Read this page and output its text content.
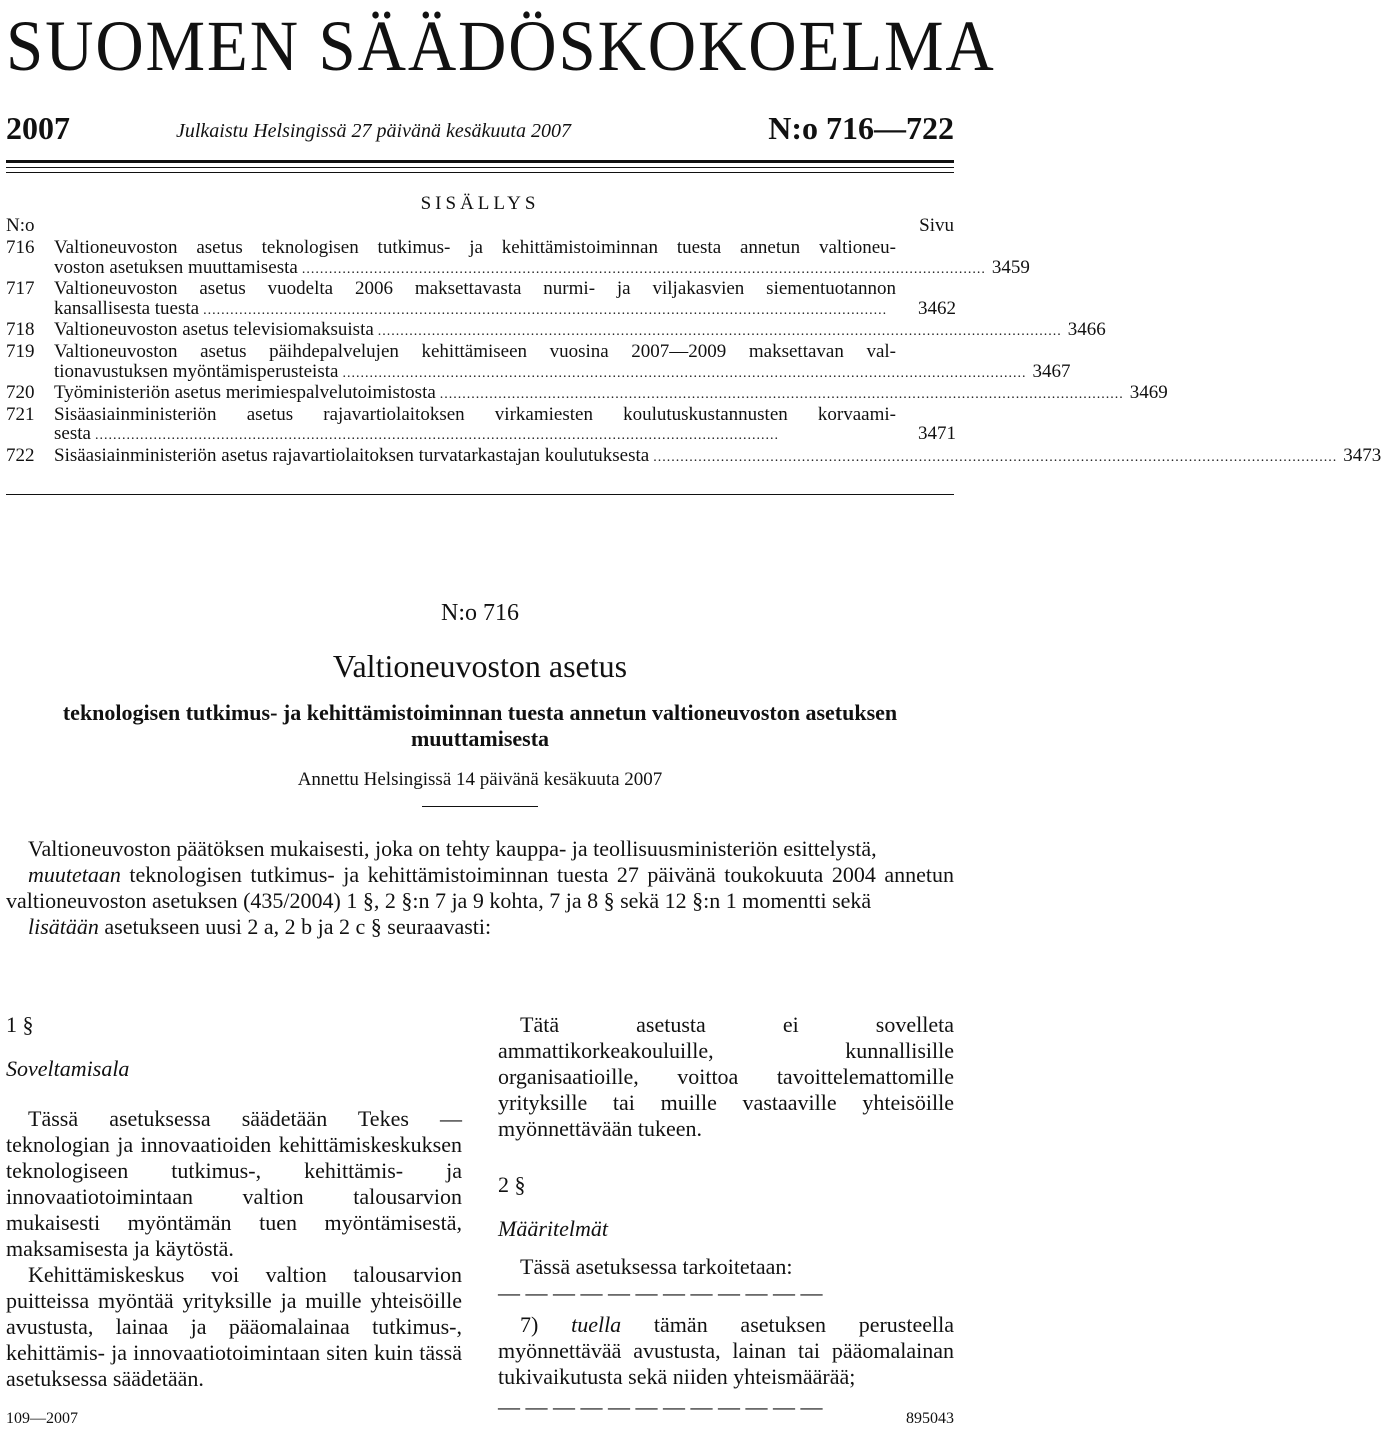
SUOMEN SÄÄDÖSKOKOELMA
2007	Julkaistu Helsingissä 27 päivänä kesäkuuta 2007	N:o 716—722
SISÄLLYS
N:o	Sivu
716 Valtioneuvoston asetus teknologisen tutkimus- ja kehittämistoiminnan tuesta annetun valtioneu-
voston asetuksen muuttamisesta ........................................................................................................................................................ 3459
717 Valtioneuvoston asetus vuodelta 2006 maksettavasta nurmi- ja viljakasvien siementuotannon
kansallisesta tuesta ........................................................................................................................................................	3462
718 Valtioneuvoston asetus televisiomaksuista ........................................................................................................................................................ 3466
719 Valtioneuvoston asetus päihdepalvelujen kehittämiseen vuosina 2007—2009 maksettavan val-
tionavustuksen myöntämisperusteista ........................................................................................................................................................ 3467
720 Työministeriön asetus merimiespalvelutoimistosta ........................................................................................................................................................ 3469
721 Sisäasiainministeriön asetus rajavartiolaitoksen virkamiesten koulutuskustannusten korvaami-
sesta ........................................................................................................................................................	3471
722 Sisäasiainministeriön asetus rajavartiolaitoksen turvatarkastajan koulutuksesta ........................................................................................................................................................ 3473
N:o 716
Valtioneuvoston asetus
teknologisen tutkimus- ja kehittämistoiminnan tuesta annetun valtioneuvoston asetuksen muuttamisesta
Annettu Helsingissä 14 päivänä kesäkuuta 2007

Valtioneuvoston päätöksen mukaisesti, joka on tehty kauppa- ja teollisuusministeriön esittelystä,

muutetaan teknologisen tutkimus- ja kehittämistoiminnan tuesta 27 päivänä toukokuuta 2004 annetun valtioneuvoston asetuksen (435/2004) 1 §, 2 §:n 7 ja 9 kohta, 7 ja 8 § sekä 12 §:n 1 momentti sekä

lisätään asetukseen uusi 2 a, 2 b ja 2 c § seuraavasti:

1 §

Soveltamisala

Tässä asetuksessa säädetään Tekes — teknologian ja innovaatioiden kehittämiskeskuksen teknologiseen tutkimus-, kehittämis- ja innovaatiotoimintaan valtion talousarvion mukaisesti myöntämän tuen myöntämisestä, maksamisesta ja käytöstä.

Kehittämiskeskus voi valtion talousarvion puitteissa myöntää yrityksille ja muille yhteisöille avustusta, lainaa ja pääomalainaa tutkimus-, kehittämis- ja innovaatiotoimintaan siten kuin tässä asetuksessa säädetään.

Tätä asetusta ei sovelleta ammattikorkeakouluille, kunnallisille organisaatioille, voittoa tavoittelemattomille yrityksille tai muille vastaaville yhteisöille myönnettävään tukeen.

2 §

Määritelmät

Tässä asetuksessa tarkoitetaan:

— — — — — — — — — — — —

7) tuella tämän asetuksen perusteella myönnettävää avustusta, lainan tai pääomalainan tukivaikutusta sekä niiden yhteismäärää;

— — — — — — — — — — — —

109—2007	895043
